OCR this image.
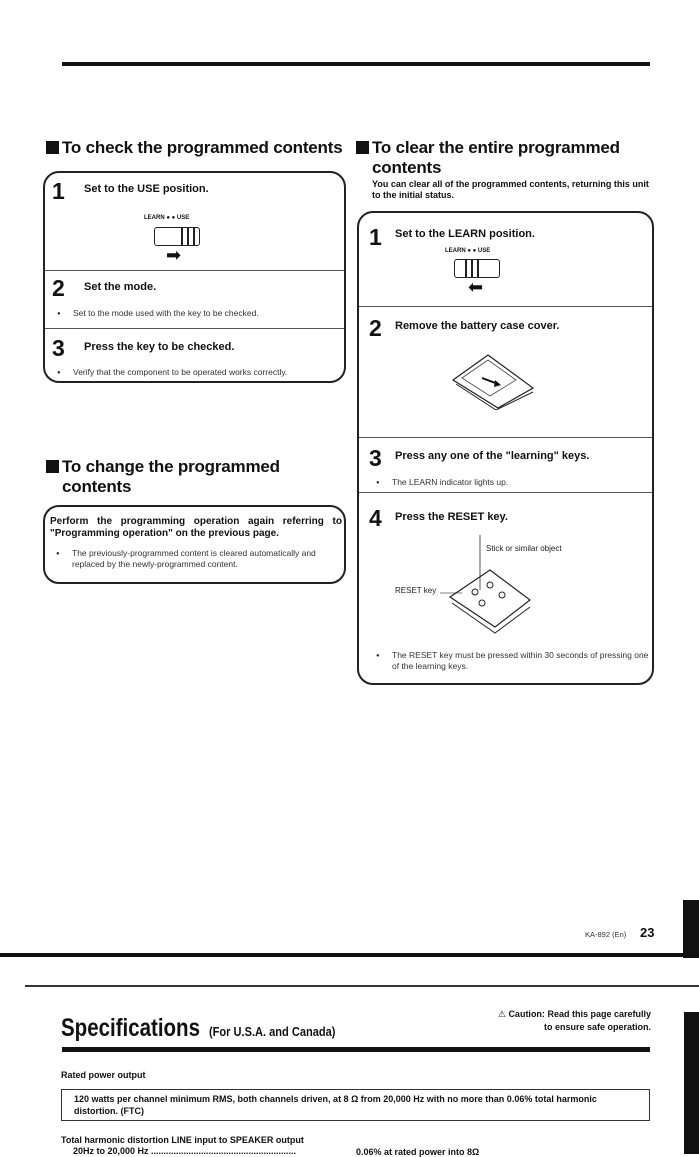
To check the programmed contents
1 Set to the USE position.
LEARN ● ● USE
➡
2 Set the mode.
● Set to the mode used with the key to be checked.
3 Press the key to be checked.
● Verify that the component to be operated works correctly.
To change the programmed
contents
Perform the programming operation again referring to "Programming operation" on the previous page.
● The previously-programmed content is cleared automatically and replaced by the newly-programmed content.
To clear the entire programmed
contents
You can clear all of the programmed contents, returning this unit to the initial status.
1 Set to the LEARN position.
LEARN ● ● USE
➡
2 Remove the battery case cover.
3 Press any one of the "learning" keys.
● The LEARN indicator lights up.
4 Press the RESET key.
Stick or similar object
RESET key
● The RESET key must be pressed within 30 seconds of pressing one of the learning keys.
KA-892 (En) 23
Specifications (For U.S.A. and Canada)
⚠ Caution: Read this page carefully
to ensure safe operation.
Rated power output
120 watts per channel minimum RMS, both channels driven, at 8 Ω from 20,000 Hz with no more than 0.06% total harmonic distortion. (FTC)
Total harmonic distortion LINE input to SPEAKER output
20Hz to 20,000 Hz ..........................................................	0.06% at rated power into 8Ω
